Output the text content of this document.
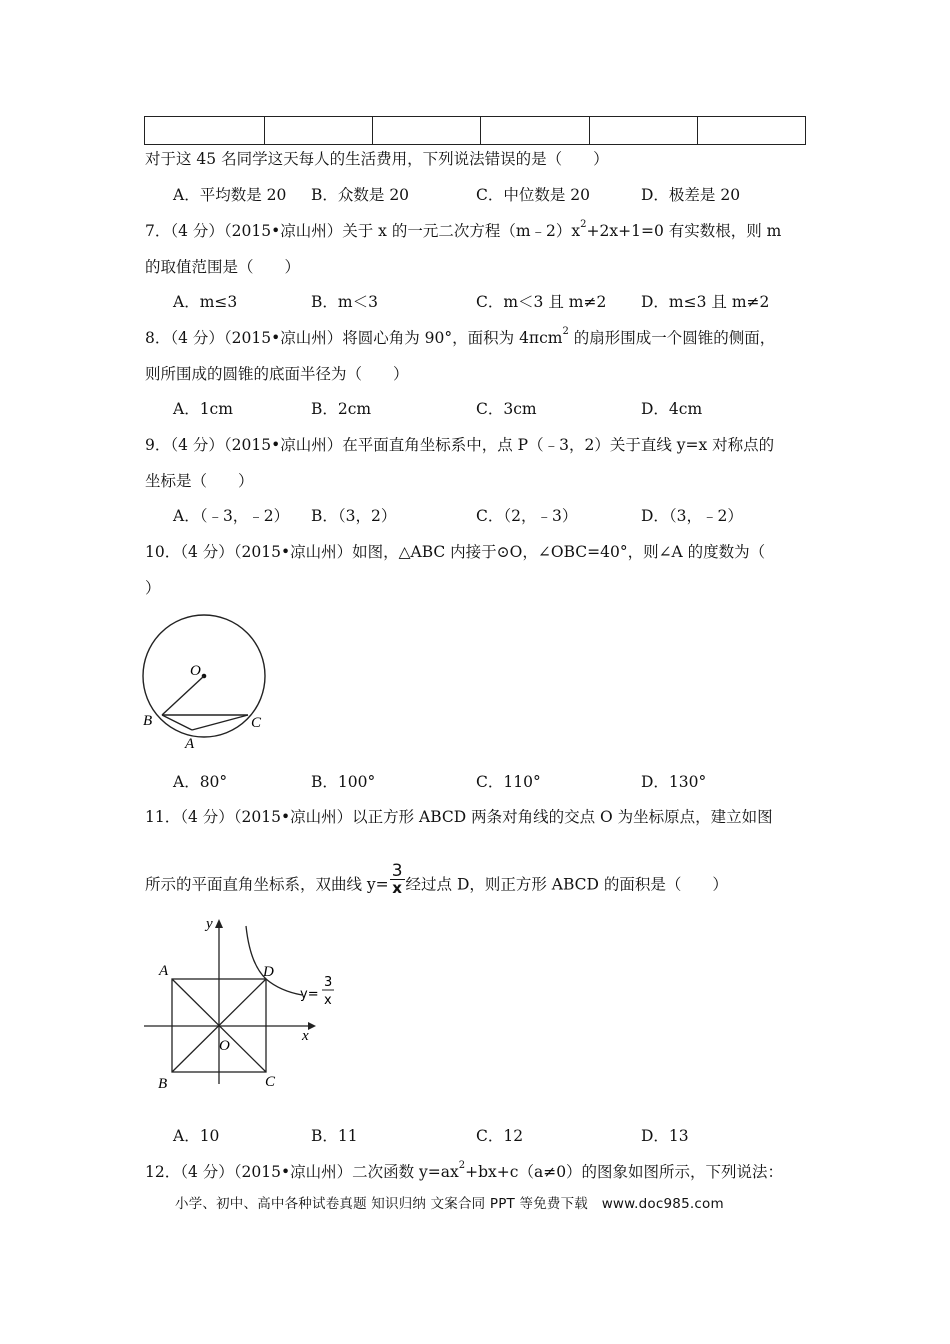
对于这 45 名同学这天每人的生活费用，下列说法错误的是（　　）
A．平均数是 20 B．众数是 20	C．中位数是 20	D．极差是 20
7．（4 分）（2015•凉山州）关于 x 的一元二次方程$(m﹣2)x^2+2x+1=0$ 有实数根，则 m
的取值范围是（　　）
A．m≤3	B．m＜3	C．m＜3 且 m≠2 D．m≤3 且 m≠2
8．（4 分）（2015•凉山州）将圆心角为 90°，面积为 4πcm$^2$ 的扇形围成一个圆锥的侧面，
则所围成的圆锥的底面半径为（　　）
A．1cm	B．2cm	C．3cm	D．4cm
9．（4 分）（2015•凉山州）在平面直角坐标系中，点 P（﹣3，2）关于直线 y=x 对称点的
坐标是（　　）
A．（﹣3，﹣2） B．（3，2）	C．（2，﹣3）	D．（3，﹣2）
10．（4 分）（2015•凉山州）如图，△ABC 内接于⊙O，∠OBC=40°，则∠A 的度数为（
）
O
B	C
A
A．80°	B．100°	C．110°	D．130°
11．（4 分）（2015•凉山州）以正方形 ABCD 两条对角线的交点 O 为坐标原点，建立如图
所示的平面直角坐标系，双曲线 $y= \frac{3}{x}$ 经过点 D，则正方形 ABCD 的面积是（　　）
y
x
A
B	C
D
O
y=
3
x
A．10	B．11	C．12	D．13
12．（4 分）（2015•凉山州）二次函数 $y=ax^2+bx+c(a\ne 0)$的图象如图所示，下列说法：
小学、初中、高中各种试卷真题 知识归纳 文案合同 PPT 等免费下载　www.doc985.com
